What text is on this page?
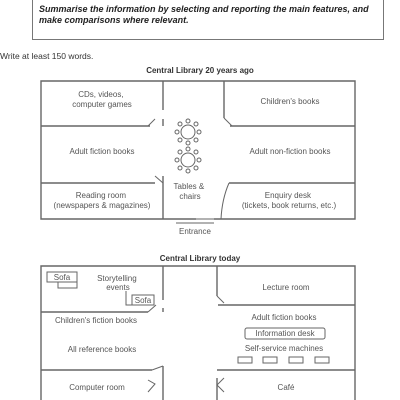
Summarise the information by selecting and reporting the main features, and
make comparisons where relevant.
Write at least 150 words.
Central Library 20 years ago
CDs, videos, computer games	Children's books
Adult fiction books	Adult non-fiction books
Tables & chairs
Reading room (newspapers & magazines)
Enquiry desk (tickets, book returns, etc.)
Entrance
Central Library today
Sofa
Sofa
Storytelling events
Children's fiction books
Lecture room
Adult fiction books
Information desk
All reference books	Self-service machines
Computer room	Café
